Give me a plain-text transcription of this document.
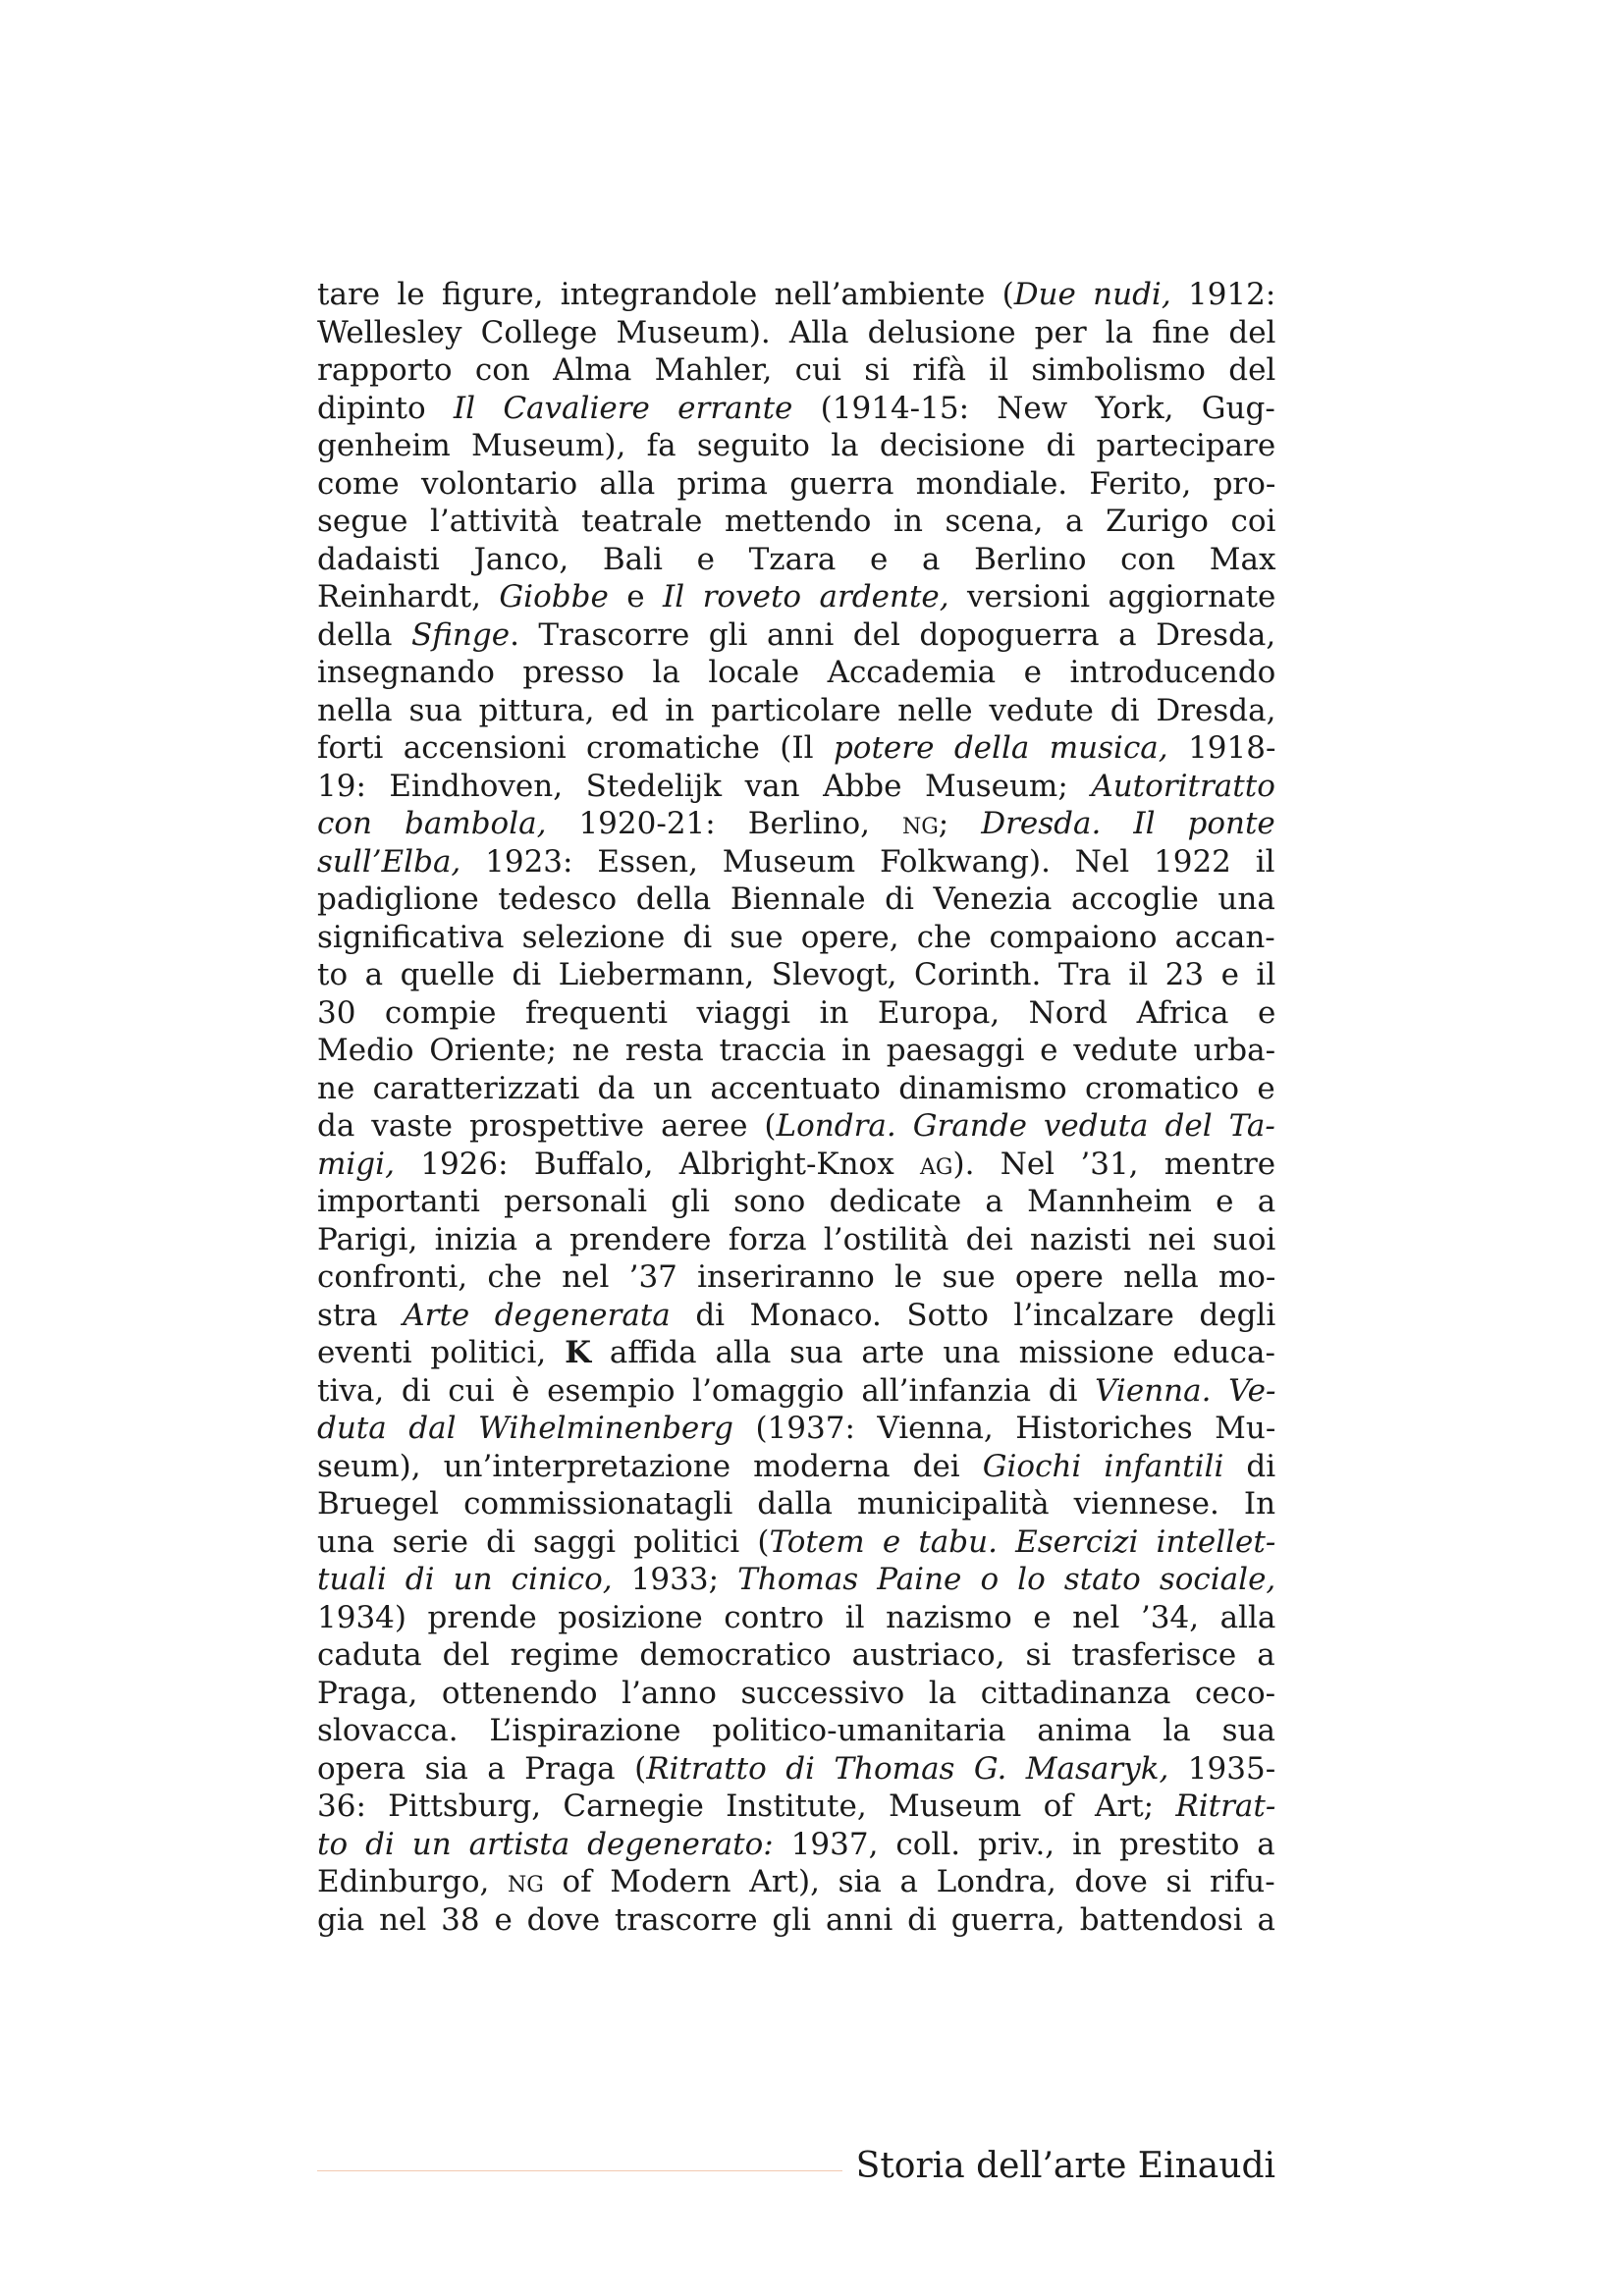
tare le figure, integrandole nell’ambiente (Due nudi, 1912:
Wellesley College Museum). Alla delusione per la fine del
rapporto con Alma Mahler, cui si rifà il simbolismo del
dipinto Il Cavaliere errante (1914-15: New York, Gug-
genheim Museum), fa seguito la decisione di partecipare
come volontario alla prima guerra mondiale. Ferito, pro-
segue l’attività teatrale mettendo in scena, a Zurigo coi
dadaisti Janco, Bali e Tzara e a Berlino con Max
Reinhardt, Giobbe e Il roveto ardente, versioni aggiornate
della Sfinge. Trascorre gli anni del dopoguerra a Dresda,
insegnando presso la locale Accademia e introducendo
nella sua pittura, ed in particolare nelle vedute di Dresda,
forti accensioni cromatiche (Il potere della musica, 1918-
19: Eindhoven, Stedelijk van Abbe Museum; Autoritratto
con bambola, 1920-21: Berlino, ng; Dresda. Il ponte
sull’Elba, 1923: Essen, Museum Folkwang). Nel 1922 il
padiglione tedesco della Biennale di Venezia accoglie una
significativa selezione di sue opere, che compaiono accan-
to a quelle di Liebermann, Slevogt, Corinth. Tra il 23 e il
30 compie frequenti viaggi in Europa, Nord Africa e
Medio Oriente; ne resta traccia in paesaggi e vedute urba-
ne caratterizzati da un accentuato dinamismo cromatico e
da vaste prospettive aeree (Londra. Grande veduta del Ta-
migi, 1926: Buffalo, Albright-Knox ag). Nel ’31, mentre
importanti personali gli sono dedicate a Mannheim e a
Parigi, inizia a prendere forza l’ostilità dei nazisti nei suoi
confronti, che nel ’37 inseriranno le sue opere nella mo-
stra Arte degenerata di Monaco. Sotto l’incalzare degli
eventi politici, K affida alla sua arte una missione educa-
tiva, di cui è esempio l’omaggio all’infanzia di Vienna. Ve-
duta dal Wihelminenberg (1937: Vienna, Historiches Mu-
seum), un’interpretazione moderna dei Giochi infantili di
Bruegel commissionatagli dalla municipalità viennese. In
una serie di saggi politici (Totem e tabu. Esercizi intellet-
tuali di un cinico, 1933; Thomas Paine o lo stato sociale,
1934) prende posizione contro il nazismo e nel ’34, alla
caduta del regime democratico austriaco, si trasferisce a
Praga, ottenendo l’anno successivo la cittadinanza ceco-
slovacca. L’ispirazione politico-umanitaria anima la sua
opera sia a Praga (Ritratto di Thomas G. Masaryk, 1935-
36: Pittsburg, Carnegie Institute, Museum of Art; Ritrat-
to di un artista degenerato: 1937, coll. priv., in prestito a
Edinburgo, ng of Modern Art), sia a Londra, dove si rifu-
gia nel 38 e dove trascorre gli anni di guerra, battendosi a
Storia dell’arte Einaudi
